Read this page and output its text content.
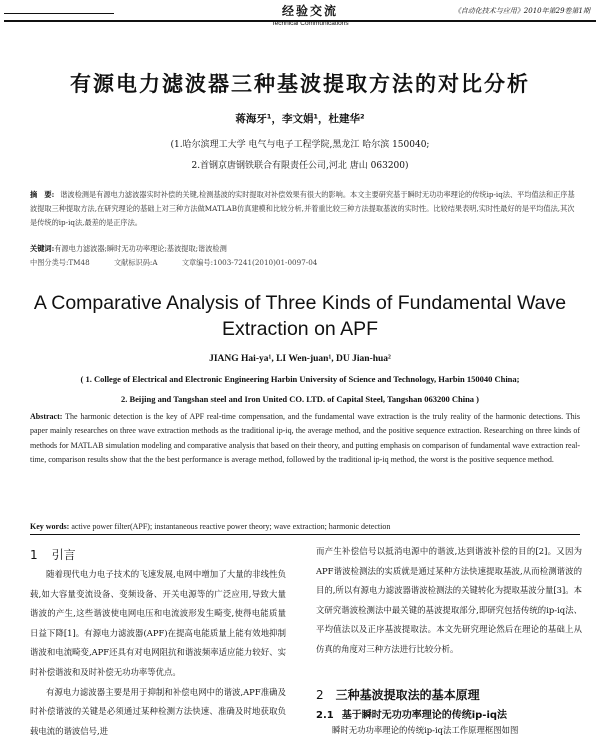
经验交流
Technical Communications
《自动化技术与应用》2010年第29卷第1期
有源电力滤波器三种基波提取方法的对比分析
蒋海牙¹，李文娟¹，杜建华²
(1.哈尔滨理工大学 电气与电子工程学院,黑龙江 哈尔滨 150040;
2.首钢京唐钢铁联合有限责任公司,河北 唐山 063200)
摘　要: 谐波检测是有源电力滤波器实时补偿的关键,检测基波的实时提取对补偿效果有很大的影响。本文主要研究基于瞬时无功功率理论的传统ip-iq法、平均值法和正序基波提取三种提取方法,在研究理论的基础上对三种方法做MATLAB仿真建模和比较分析,并着重比较三种方法提取基波的实时性。比较结果表明,实时性最好的是平均值法,其次是传统的ip-iq法,最差的是正序法。
关键词:有源电力滤波器;瞬时无功功率理论;基波提取;谐波检测
中图分类号:TM48	文献标识码:A	文章编号:1003-7241(2010)01-0097-04
A Comparative Analysis of Three Kinds of Fundamental Wave Extraction on APF
JIANG Hai-ya¹, LI Wen-juan¹, DU Jian-hua²
( 1. College of Electrical and Electronic Engineering Harbin University of Science and Technology, Harbin 150040 China;
2. Beijing and Tangshan steel and Iron United CO. LTD. of Capital Steel, Tangshan 063200 China )
Abstract: The harmonic detection is the key of APF real-time compensation, and the fundamental wave extraction is the truly reality of the harmonic detections. This paper mainly researches on three wave extraction methods as the traditional ip-iq, the average method, and the positive sequence extraction. Researching on three kinds of methods for MATLAB simulation modeling and comparative analysis that based on their theory, and putting emphasis on comparison of fundamental wave extraction real-time, comparison results show that the the best performance is average method, followed by the traditional ip-iq method, the worst is the positive sequence method.
Key words: active power filter(APF); instantaneous reactive power theory; wave extraction; harmonic detection
1 引言

随着现代电力电子技术的飞速发展,电网中增加了大量的非线性负载,如大容量变流设备、变频设备、开关电源等的广泛应用,导致大量谐波的产生,这些谐波使电网电压和电流波形发生畸变,使得电能质量日益下降[1]。有源电力滤波器(APF)在提高电能质量上能有效地抑制谐波和电流畸变,APF还具有对电网阻抗和谐波频率适应能力较好、实时补偿谐波和及时补偿无功功率等优点。

有源电力滤波器主要是用于抑制和补偿电网中的谐波,APF准确及时补偿谐波的关键是必须通过某种检测方法快速、准确及时地获取负载电流的谐波信号,进

而产生补偿信号以抵消电源中的谐波,达到谐波补偿的目的[2]。又因为APF谐波检测法的实质就是通过某种方法快速提取基波,从而检测谐波的目的,所以有源电力滤波器谐波检测法的关键转化为提取基波分量[3]。本文研究谐波检测法中最关键的基波提取部分,即研究包括传统的ip-iq法、平均值法以及正序基波提取法。本文先研究理论然后在理论的基础上从仿真的角度对三种方法进行比较分析。

2 三种基波提取法的基本原理
2.1 基于瞬时无功功率理论的传统ip-iq法
瞬时无功功率理论的传统ip-iq法工作原理框图如图
